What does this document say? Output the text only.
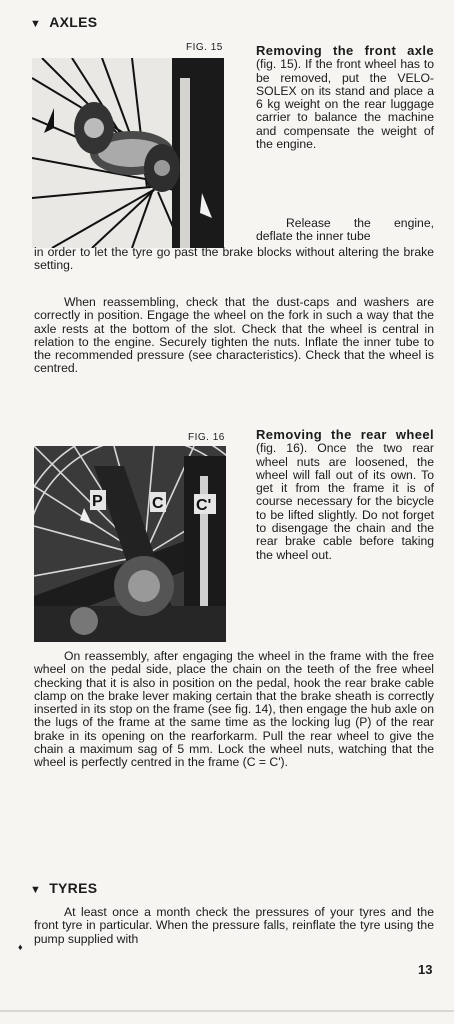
▼ AXLES
FIG. 15	Removing the front axle (fig. 15). If the front wheel has to be removed, put the VELO-SOLEX on its stand and place a 6 kg weight on the rear luggage carrier to balance the machine and compensate the weight of the engine.

Release the engine, deflate the inner tube

in order to let the tyre go past the brake blocks without altering the brake setting.

When reassembling, check that the dust-caps and washers are correctly in position. Engage the wheel on the fork in such a way that the axle rests at the bottom of the slot. Check that the wheel is central in relation to the engine. Securely tighten the nuts. Inflate the inner tube to the recommended pressure (see characteristics). Check that the wheel is centred.

FIG. 16
P	C C'

Removing the rear wheel (fig. 16). Once the two rear wheel nuts are loosened, the wheel will fall out of its own. To get it from the frame it is of course necessary for the bicycle to be lifted slightly. Do not forget to disengage the chain and the rear brake cable before taking the wheel out.

On reassembly, after engaging the wheel in the frame with the free wheel on the pedal side, place the chain on the teeth of the free wheel checking that it is also in position on the pedal, hook the rear brake cable clamp on the brake lever making certain that the brake sheath is correctly inserted in its stop on the frame (see fig. 14), then engage the hub axle on the lugs of the frame at the same time as the locking lug (P) of the rear brake in its opening on the rearforkarm. Pull the rear wheel to give the chain a maximum sag of 5 mm. Lock the wheel nuts, watching that the wheel is perfectly centred in the frame (C = C').

▼ TYRES

At least once a month check the pressures of your tyres and the front tyre in particular. When the pressure falls, reinflate the tyre using the pump supplied with

♦
13
